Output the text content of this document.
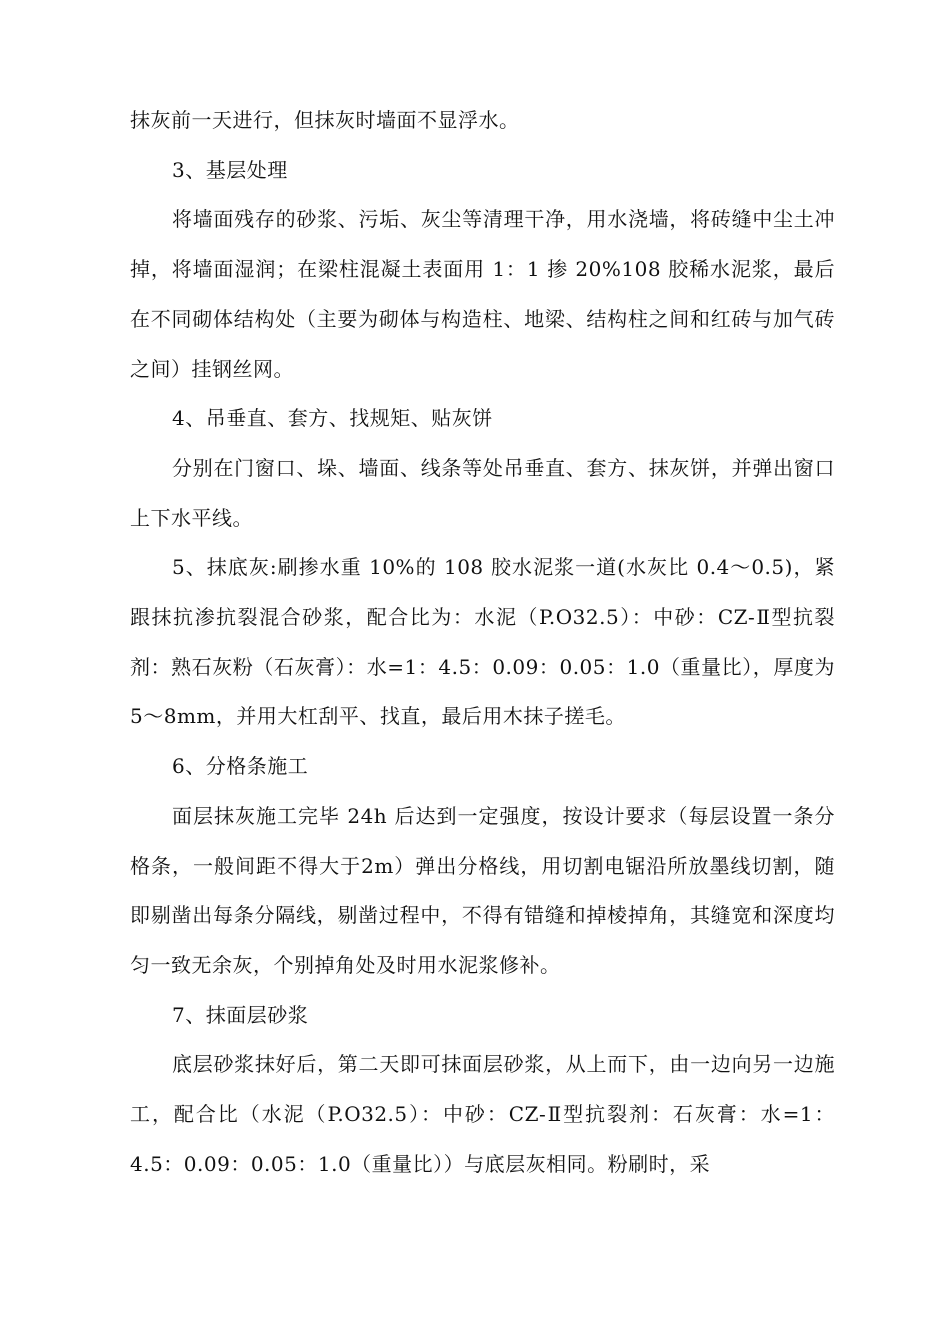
抹灰前一天进行，但抹灰时墙面不显浮水。

3、基层处理

将墙面残存的砂浆、污垢、灰尘等清理干净，用水浇墙，将砖缝中尘土冲掉，将墙面湿润；在梁柱混凝土表面用 1：1 掺 20%108 胶稀水泥浆，最后在不同砌体结构处（主要为砌体与构造柱、地梁、结构柱之间和红砖与加气砖之间）挂钢丝网。

4、吊垂直、套方、找规矩、贴灰饼

分别在门窗口、垛、墙面、线条等处吊垂直、套方、抹灰饼，并弹出窗口上下水平线。

5、抹底灰:刷掺水重 10%的 108 胶水泥浆一道(水灰比 0.4～0.5)，紧跟抹抗渗抗裂混合砂浆，配合比为：水泥（P.O32.5）：中砂：CZ-Ⅱ型抗裂剂：熟石灰粉（石灰膏）：水=1：4.5：0.09：0.05：1.0（重量比），厚度为 5～8mm，并用大杠刮平、找直，最后用木抹子搓毛。

6、分格条施工

面层抹灰施工完毕 24h 后达到一定强度，按设计要求（每层设置一条分格条，一般间距不得大于2m）弹出分格线，用切割电锯沿所放墨线切割，随即剔凿出每条分隔线，剔凿过程中，不得有错缝和掉棱掉角，其缝宽和深度均匀一致无余灰，个别掉角处及时用水泥浆修补。

7、抹面层砂浆

底层砂浆抹好后，第二天即可抹面层砂浆，从上而下，由一边向另一边施工，配合比（水泥（P.O32.5）：中砂：CZ-Ⅱ型抗裂剂：石灰膏：水=1：4.5：0.09：0.05：1.0（重量比））与底层灰相同。粉刷时，采
